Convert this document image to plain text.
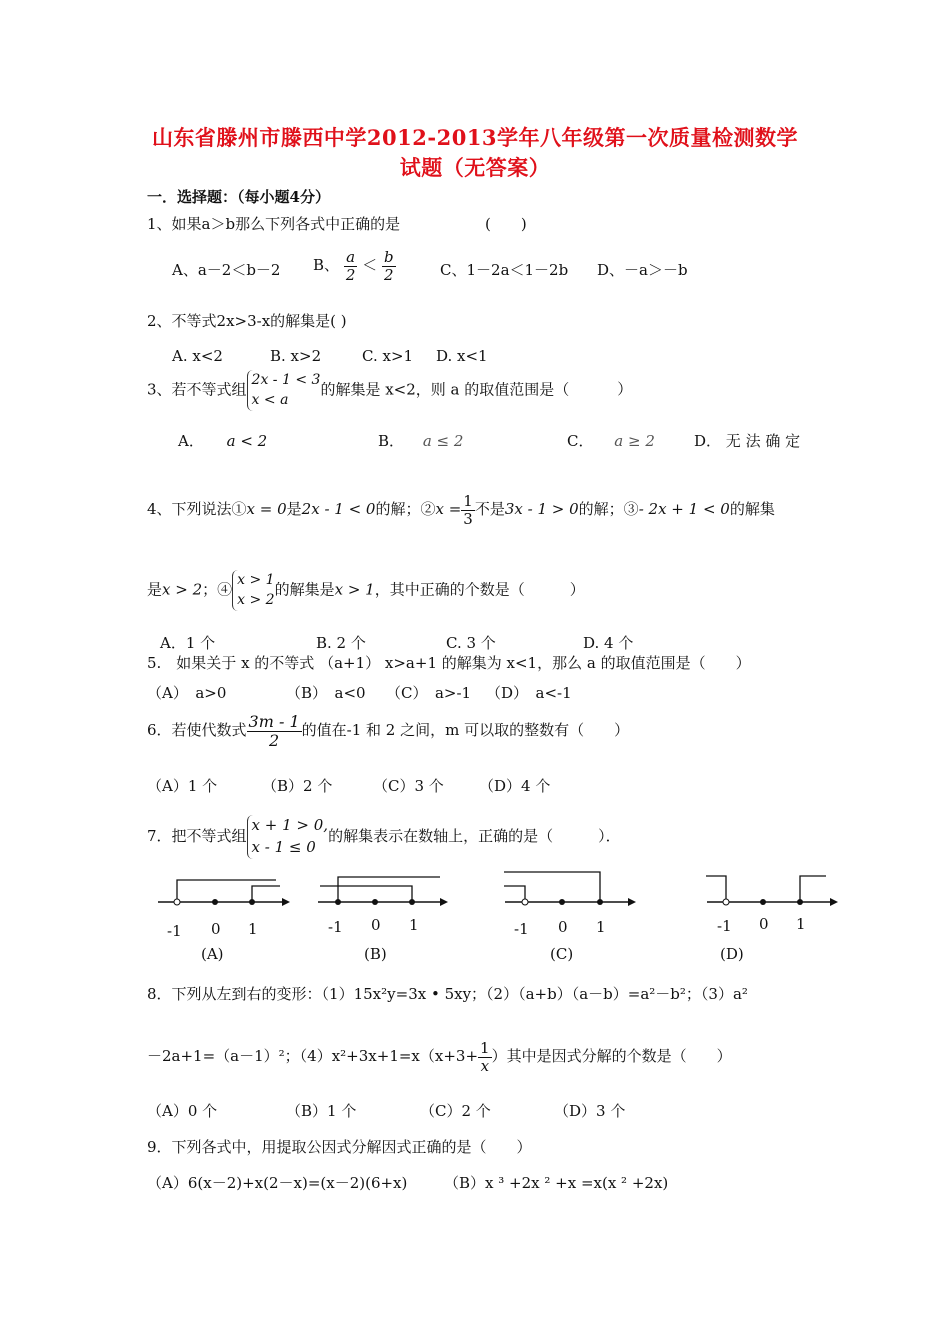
山东省滕州市滕西中学2012-2013学年八年级第一次质量检测数学
试题（无答案）
一．选择题：（每小题4分）
1、如果a＞b那么下列各式中正确的是	(　　)
A、a－2＜b－2 B、 $\frac{a}{2} < \frac{b}{2}$	C、1－2a＜1－2b D、－a＞－b
2、不等式2x>3-x的解集是( )
A. x<2	B. x>2	C. x>1 D. x<1
3、若不等式组2x - 1 < 3
x < a的解集是 x<2，则 a 的取值范围是（	）
A． a < 2	B． a ≤ 2	C． a ≥ 2	D． 无 法 确 定
4、下列说法①x = 0是2x - 1 < 0的解；②x = $\frac{1}{3}$ 不是3x - 1 > 0的解；③- 2x + 1 < 0的解集
是x > 2；④x > 1
x > 2的解集是x > 1，其中正确的个数是（　　　）
A．1 个	B. 2 个	C. 3 个	D. 4 个
5.　如果关于 x 的不等式 （a+1） x>a+1 的解集为 x<1，那么 a 的取值范围是（　　）
（A）　a>0	（B）　a<0 （C）　a>-1 （D）　a<-1
6．若使代数式 $\frac{3m - 1}{2}$ 的值在-1 和 2 之间，m 可以取的整数有（　　）
（A）1 个	（B）2 个	（C）3 个 （D）4 个
7．把不等式组x + 1 > 0,
x - 1 ≤ 0的解集表示在数轴上，正确的是（　　　）．
-1 0 1	-1 0 1	-1 0 1	-1 0 1
(A)	(B)	(C)	(D)
8．下列从左到右的变形：（1）15x²y=3x • 5xy；（2）（a+b）（a－b）=a²－b²；（3）a²
－2a+1=（a－1）²；$(4)x^2+3x+1=x(x+3+ \frac{1}{x}$ ）其中是因式分解的个数是（　　）
（A）0 个	（B）1 个	（C）2 个	（D）3 个
9．下列各式中，用提取公因式分解因式正确的是（　　）
（A）6(x－2)+x(2－x)=(x－2)(6+x) （B）x ³ +2x ² +x =x(x ² +2x)
